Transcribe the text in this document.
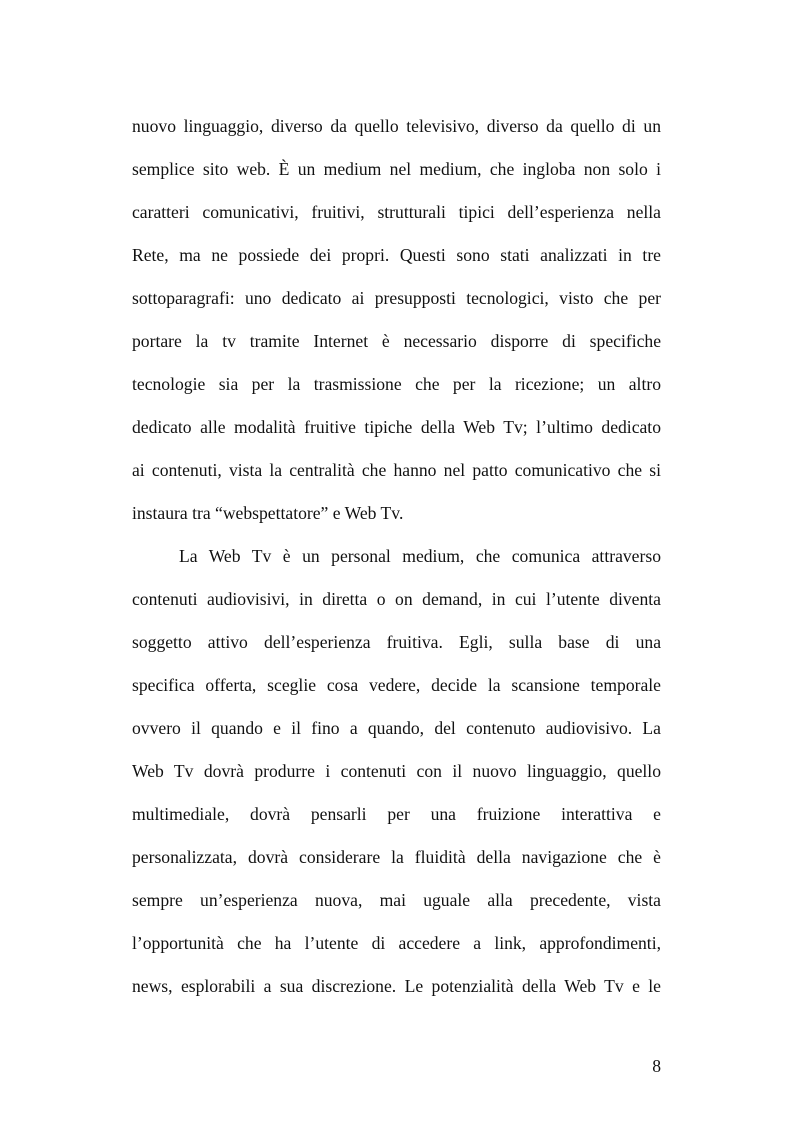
nuovo linguaggio, diverso da quello televisivo, diverso da quello di un
semplice sito web. È un medium nel medium, che ingloba non solo i
caratteri comunicativi, fruitivi, strutturali tipici dell’esperienza nella
Rete, ma ne possiede dei propri. Questi sono stati analizzati in tre
sottoparagrafi: uno dedicato ai presupposti tecnologici, visto che per
portare la tv tramite Internet è necessario disporre di specifiche
tecnologie sia per la trasmissione che per la ricezione; un altro
dedicato alle modalità fruitive tipiche della Web Tv; l’ultimo dedicato
ai contenuti, vista la centralità che hanno nel patto comunicativo che si
instaura tra “webspettatore” e Web Tv.
La Web Tv è un personal medium, che comunica attraverso
contenuti audiovisivi, in diretta o on demand, in cui l’utente diventa
soggetto attivo dell’esperienza fruitiva. Egli, sulla base di una
specifica offerta, sceglie cosa vedere, decide la scansione temporale
ovvero il quando e il fino a quando, del contenuto audiovisivo. La
Web Tv dovrà produrre i contenuti con il nuovo linguaggio, quello
multimediale, dovrà pensarli per una fruizione interattiva e
personalizzata, dovrà considerare la fluidità della navigazione che è
sempre un’esperienza nuova, mai uguale alla precedente, vista
l’opportunità che ha l’utente di accedere a link, approfondimenti,
news, esplorabili a sua discrezione. Le potenzialità della Web Tv e le
8
